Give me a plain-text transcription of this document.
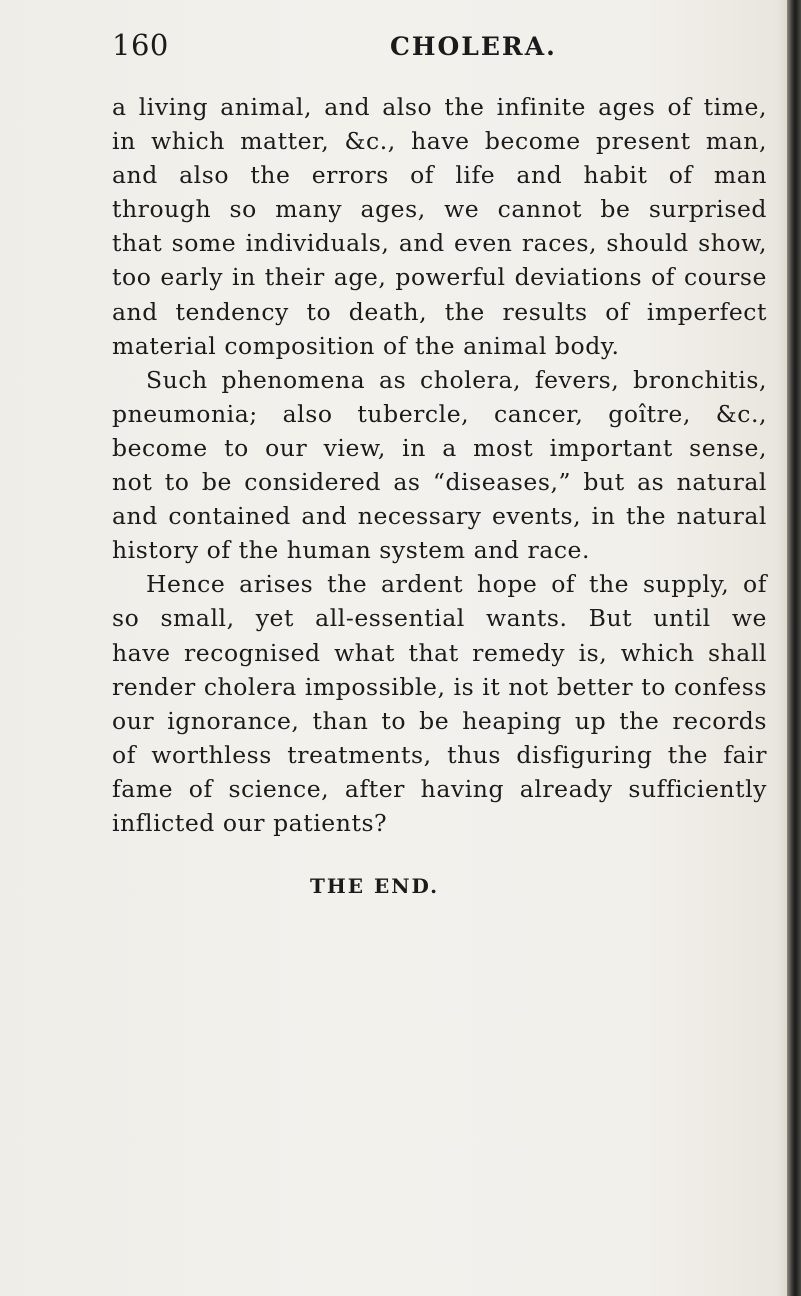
160	CHOLERA.
a living animal, and also the infinite ages of time,
in which matter, &c., have become present man,
and also the errors of life and habit of man
through so many ages, we cannot be surprised
that some individuals, and even races, should show,
too early in their age, powerful deviations of course
and tendency to death, the results of imperfect
material composition of the animal body.
Such phenomena as cholera, fevers, bronchitis,
pneumonia; also tubercle, cancer, goître, &c.,
become to our view, in a most important sense,
not to be considered as “diseases,” but as natural
and contained and necessary events, in the natural
history of the human system and race.
Hence arises the ardent hope of the supply, of
so small, yet all-essential wants. But until we
have recognised what that remedy is, which shall
render cholera impossible, is it not better to confess
our ignorance, than to be heaping up the records
of worthless treatments, thus disfiguring the fair
fame of science, after having already sufficiently
inflicted our patients?
THE END.
